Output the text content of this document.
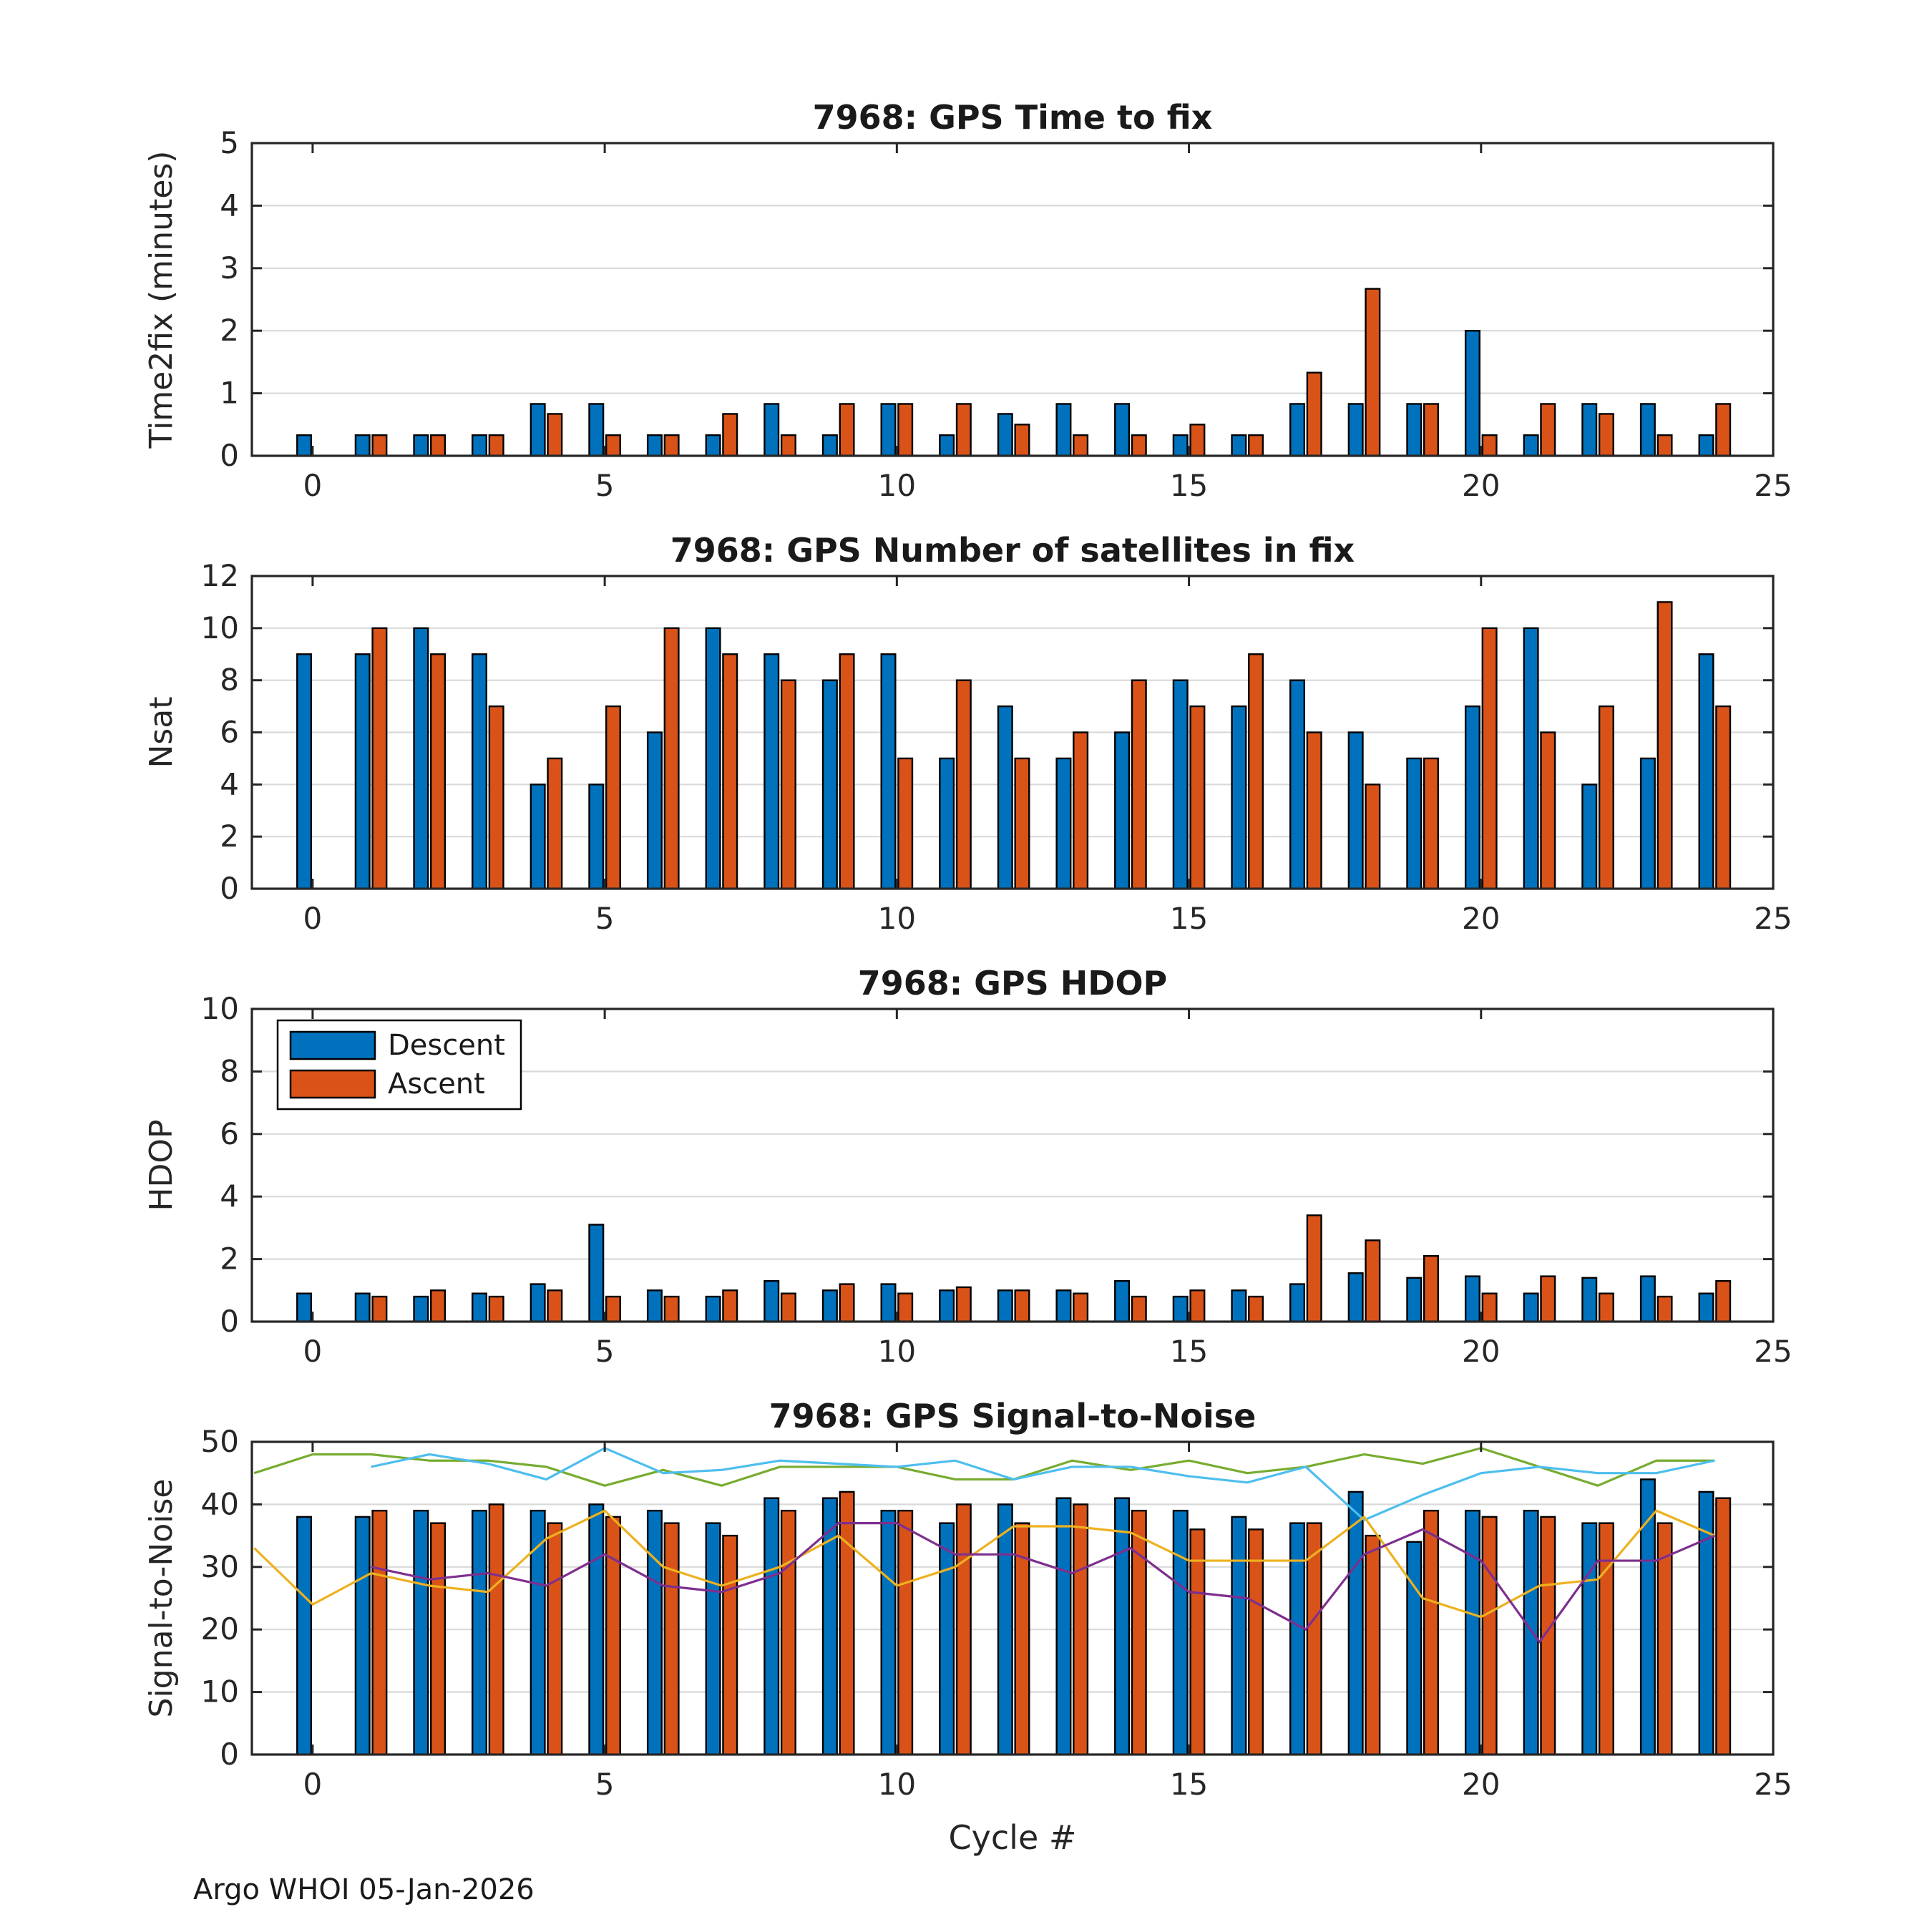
0	5	10	15	20	25
0
1
2
3
4
5
7968: GPS Time to fix
Time2fix (minutes)
0	5	10	15	20	25
0
2
4
6
8
10
12
7968: GPS Number of satellites in fix
Nsat
0	5	10	15	20	25
0
2
4
6
8
10
7968: GPS HDOP
HDOP
Descent
Ascent
0	5	10	15	20	25
0
10
20
30
40
50
7968: GPS Signal-to-Noise
Signal-to-Noise
Cycle #
Argo WHOI 05-Jan-2026
